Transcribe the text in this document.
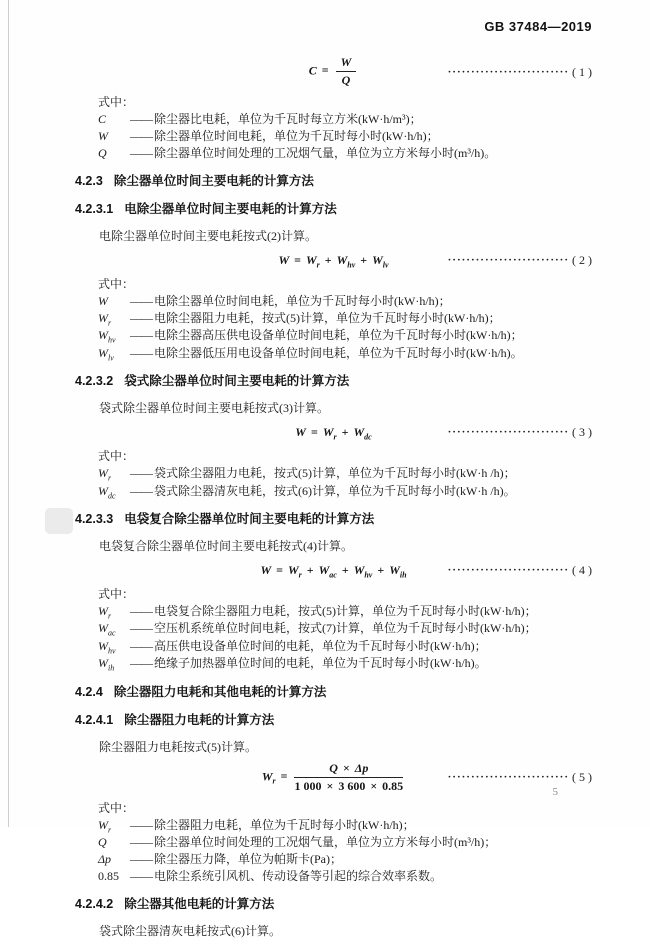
GB 37484—2019
$C = \frac{W}{Q}$	·························· ( 1 )
式中：
C	—— 除尘器比电耗，单位为千瓦时每立方米(kW·h/m³)；
W	—— 除尘器单位时间电耗，单位为千瓦时每小时(kW·h/h)；
Q	—— 除尘器单位时间处理的工况烟气量，单位为立方米每小时(m³/h)。
4.2.3 除尘器单位时间主要电耗的计算方法
4.2.3.1 电除尘器单位时间主要电耗的计算方法
电除尘器单位时间主要电耗按式(2)计算。
$W = W_r + W_{hv} + W_{lv}$	·························· ( 2 )
式中：
W	—— 电除尘器单位时间电耗，单位为千瓦时每小时(kW·h/h)；
$W_r$	—— 电除尘器阻力电耗，按式(5)计算，单位为千瓦时每小时(kW·h/h)；
$W_{hv}$	—— 电除尘器高压供电设备单位时间电耗，单位为千瓦时每小时(kW·h/h)；
$W_{lv}$	—— 电除尘器低压用电设备单位时间电耗，单位为千瓦时每小时(kW·h/h)。
4.2.3.2 袋式除尘器单位时间主要电耗的计算方法
袋式除尘器单位时间主要电耗按式(3)计算。
$W = W_r + W_{dc}$	·························· ( 3 )
式中：
$W_r$	—— 袋式除尘器阻力电耗，按式(5)计算，单位为千瓦时每小时(kW·h /h)；
$W_{dc}$	—— 袋式除尘器清灰电耗，按式(6)计算，单位为千瓦时每小时(kW·h /h)。
4.2.3.3 电袋复合除尘器单位时间主要电耗的计算方法
电袋复合除尘器单位时间主要电耗按式(4)计算。
$W = W_r + W_{ac} + W_{hv} + W_{ih}$	·························· ( 4 )
式中：
$W_r$	—— 电袋复合除尘器阻力电耗，按式(5)计算，单位为千瓦时每小时(kW·h/h)；
$W_{ac}$	—— 空压机系统单位时间电耗，按式(7)计算，单位为千瓦时每小时(kW·h/h)；
$W_{hv}$	—— 高压供电设备单位时间的电耗，单位为千瓦时每小时(kW·h/h)；
$W_{ih}$	—— 绝缘子加热器单位时间的电耗，单位为千瓦时每小时(kW·h/h)。
4.2.4 除尘器阻力电耗和其他电耗的计算方法
4.2.4.1 除尘器阻力电耗的计算方法
除尘器阻力电耗按式(5)计算。
$W_r = \frac{Q \times \Delta p}{1 000 \times 3 600 \times 0.85}$	·························· ( 5 )
式中：
$W_r$	—— 除尘器阻力电耗，单位为千瓦时每小时(kW·h/h)；
Q	—— 除尘器单位时间处理的工况烟气量，单位为立方米每小时(m³/h)；
Δp	—— 除尘器压力降，单位为帕斯卡(Pa)；
0.85 —— 电除尘系统引风机、传动设备等引起的综合效率系数。
4.2.4.2 除尘器其他电耗的计算方法
袋式除尘器清灰电耗按式(6)计算。
5
